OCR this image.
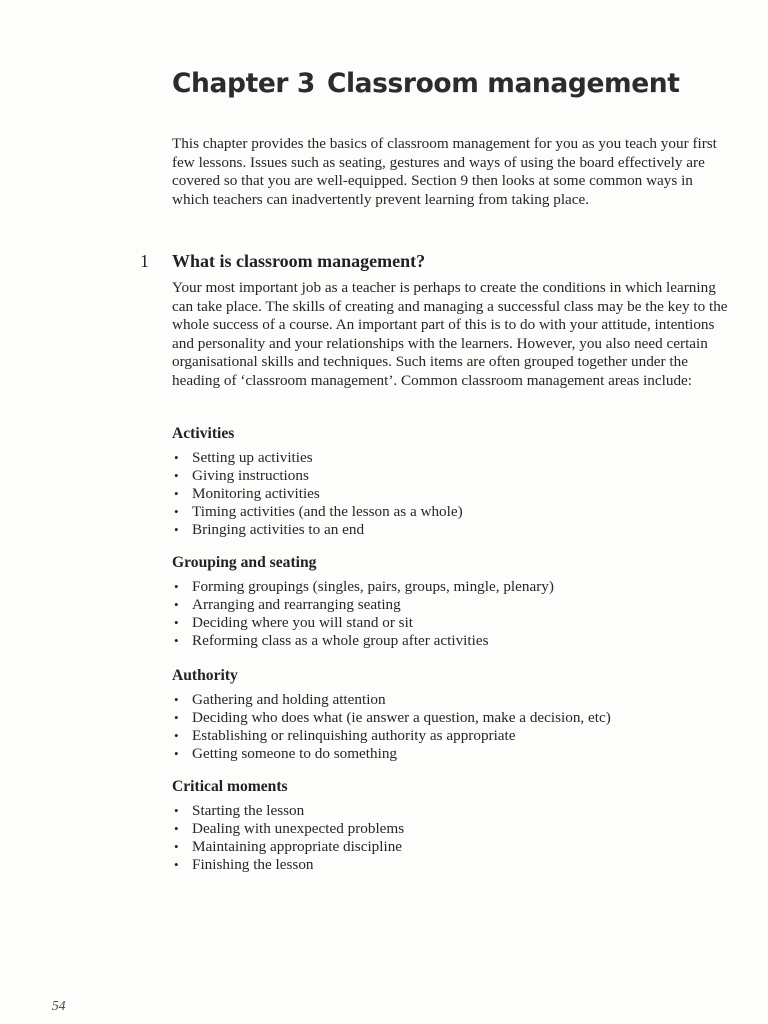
Chapter 3 Classroom management

This chapter provides the basics of classroom management for you as you teach your first few lessons. Issues such as seating, gestures and ways of using the board effectively are covered so that you are well-equipped. Section 9 then looks at some common ways in which teachers can inadvertently prevent learning from taking place.

1 What is classroom management?

Your most important job as a teacher is perhaps to create the conditions in which learning can take place. The skills of creating and managing a successful class may be the key to the whole success of a course. An important part of this is to do with your attitude, intentions and personality and your relationships with the learners. However, you also need certain organisational skills and techniques. Such items are often grouped together under the heading of ‘classroom management’. Common classroom management areas include:

Activities
• Setting up activities
• Giving instructions
• Monitoring activities
• Timing activities (and the lesson as a whole)
• Bringing activities to an end
Grouping and seating
• Forming groupings (singles, pairs, groups, mingle, plenary)
• Arranging and rearranging seating
• Deciding where you will stand or sit
• Reforming class as a whole group after activities
Authority
• Gathering and holding attention
• Deciding who does what (ie answer a question, make a decision, etc)
• Establishing or relinquishing authority as appropriate
• Getting someone to do something
Critical moments
• Starting the lesson
• Dealing with unexpected problems
• Maintaining appropriate discipline
• Finishing the lesson

54
